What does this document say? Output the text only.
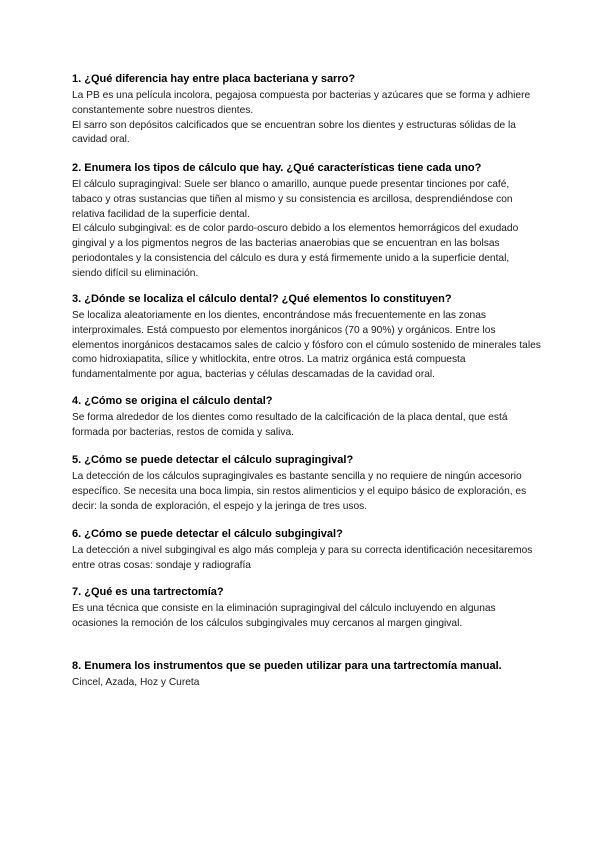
1. ¿Qué diferencia hay entre placa bacteriana y sarro?

La PB es una película incolora, pegajosa compuesta por bacterias y azúcares que se forma y adhiere constantemente sobre nuestros dientes.

El sarro son depósitos calcificados que se encuentran sobre los dientes y estructuras sólidas de la cavidad oral.

2. Enumera los tipos de cálculo que hay. ¿Qué características tiene cada uno?

El cálculo supragingival: Suele ser blanco o amarillo, aunque puede presentar tinciones por café, tabaco y otras sustancias que tiñen al mismo y su consistencia es arcillosa, desprendiéndose con relativa facilidad de la superficie dental.

El cálculo subgingival: es de color pardo-oscuro debido a los elementos hemorrágicos del exudado gingival y a los pigmentos negros de las bacterias anaerobias que se encuentran en las bolsas periodontales y la consistencia del cálculo es dura y está firmemente unido a la superficie dental, siendo difícil su eliminación.

3. ¿Dónde se localiza el cálculo dental? ¿Qué elementos lo constituyen?

Se localiza aleatoriamente en los dientes, encontrándose más frecuentemente en las zonas interproximales. Está compuesto por elementos inorgánicos (70 a 90%) y orgánicos. Entre los elementos inorgánicos destacamos sales de calcio y fósforo con el cúmulo sostenido de minerales tales como hidroxiapatita, sílice y whitlockita, entre otros. La matriz orgánica está compuesta fundamentalmente por agua, bacterias y células descamadas de la cavidad oral.

4. ¿Cómo se origina el cálculo dental?

Se forma alrededor de los dientes como resultado de la calcificación de la placa dental, que está formada por bacterias, restos de comida y saliva.

5. ¿Cómo se puede detectar el cálculo supragingival?

La detección de los cálculos supragingivales es bastante sencilla y no requiere de ningún accesorio específico. Se necesita una boca limpia, sin restos alimenticios y el equipo básico de exploración, es decir: la sonda de exploración, el espejo y la jeringa de tres usos.

6. ¿Cómo se puede detectar el cálculo subgingival?

La detección a nivel subgingival es algo más compleja y para su correcta identificación necesitaremos entre otras cosas: sondaje y radiografía

7. ¿Qué es una tartrectomía?

Es una técnica que consiste en la eliminación supragingival del cálculo incluyendo en algunas ocasiones la remoción de los cálculos subgingivales muy cercanos al margen gingival.

8. Enumera los instrumentos que se pueden utilizar para una tartrectomía manual.

Cincel, Azada, Hoz y Cureta
